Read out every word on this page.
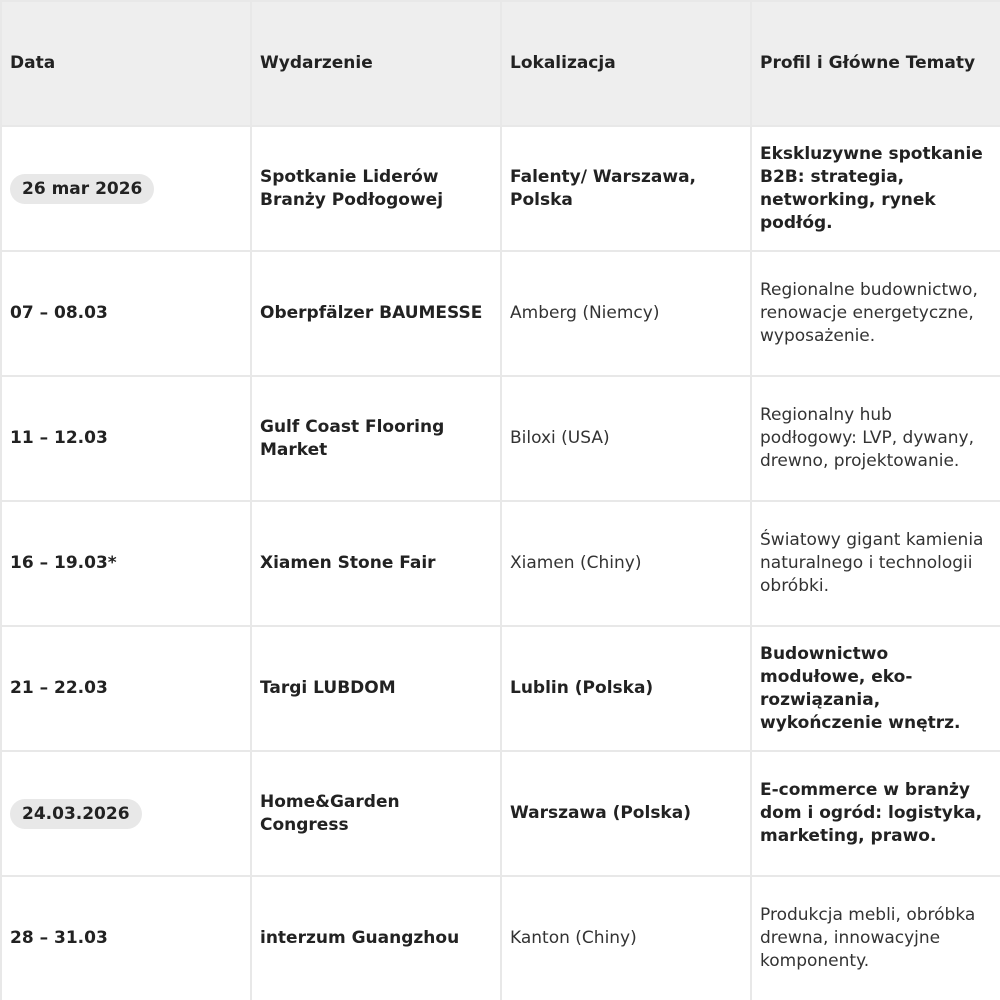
Data	Wydarzenie	Lokalizacja	Profil i Główne Tematy
26 mar 2026	Spotkanie Liderów Branży Podłogowej	Falenty/ Warszawa, Polska	Ekskluzywne spotkanie B2B: strategia, networking, rynek podłóg.
07 – 08.03	Oberpfälzer BAUMESSE	Amberg (Niemcy)	Regionalne budownictwo, renowacje energetyczne, wyposażenie.
11 – 12.03	Gulf Coast Flooring Market	Biloxi (USA)	Regionalny hub podłogowy: LVP, dywany, drewno, projektowanie.
16 – 19.03*	Xiamen Stone Fair	Xiamen (Chiny)	Światowy gigant kamienia naturalnego i technologii obróbki.
21 – 22.03	Targi LUBDOM	Lublin (Polska)	Budownictwo modułowe, eko-rozwiązania, wykończenie wnętrz.
24.03.2026	Home&Garden Congress	Warszawa (Polska)	E-commerce w branży dom i ogród: logistyka, marketing, prawo.
28 – 31.03	interzum Guangzhou	Kanton (Chiny)	Produkcja mebli, obróbka drewna, innowacyjne komponenty.
